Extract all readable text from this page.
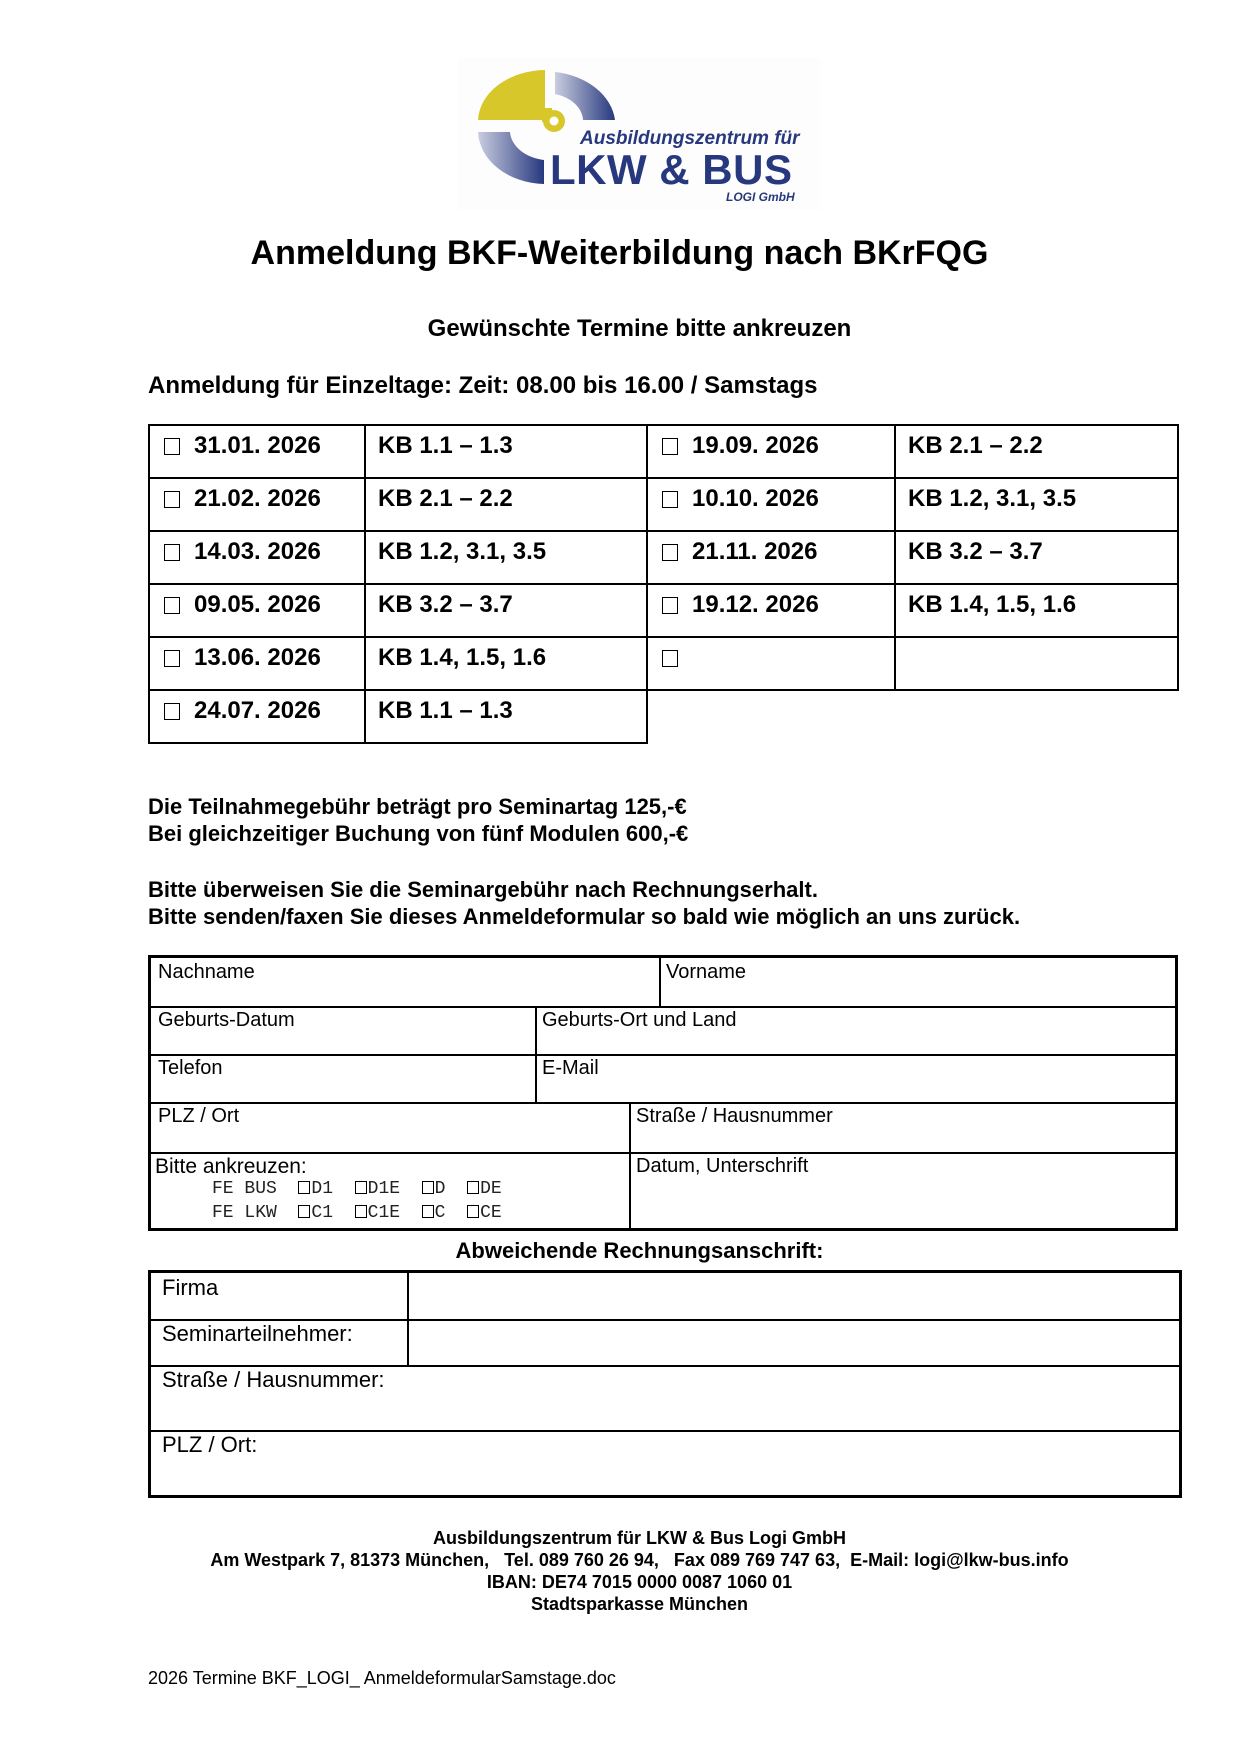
Ausbildungszentrum für
LKW & BUS
LOGI GmbH
Anmeldung BKF-Weiterbildung nach BKrFQG
Gewünschte Termine bitte ankreuzen
Anmeldung für Einzeltage: Zeit: 08.00 bis 16.00 / Samstags
31.01. 2026	KB 1.1 – 1.3
21.02. 2026	KB 2.1 – 2.2
14.03. 2026	KB 1.2, 3.1, 3.5
09.05. 2026	KB 3.2 – 3.7
13.06. 2026	KB 1.4, 1.5, 1.6
24.07. 2026	KB 1.1 – 1.3
19.09. 2026	KB 2.1 – 2.2
10.10. 2026	KB 1.2, 3.1, 3.5
21.11. 2026	KB 3.2 – 3.7
19.12. 2026	KB 1.4, 1.5, 1.6
Die Teilnahmegebühr beträgt pro Seminartag 125,-€
Bei gleichzeitiger Buchung von fünf Modulen 600,-€
Bitte überweisen Sie die Seminargebühr nach Rechnungserhalt.
Bitte senden/faxen Sie dieses Anmeldeformular so bald wie möglich an uns zurück.
Nachname	Vorname
Geburts-Datum	Geburts-Ort und Land
Telefon	E-Mail
PLZ / Ort	Straße / Hausnummer
Bitte ankreuzen:
FE BUS D1 D1E D DE
FE LKW C1 C1E C CE
Datum, Unterschrift
Abweichende Rechnungsanschrift:
Firma
Seminarteilnehmer:
Straße / Hausnummer:
PLZ / Ort:
Ausbildungszentrum für LKW & Bus Logi GmbH
Am Westpark 7, 81373 München,   Tel. 089 760 26 94,   Fax 089 769 747 63,  E-Mail: logi@lkw-bus.info
IBAN: DE74 7015 0000 0087 1060 01
Stadtsparkasse München
2026 Termine BKF_LOGI_ AnmeldeformularSamstage.doc
